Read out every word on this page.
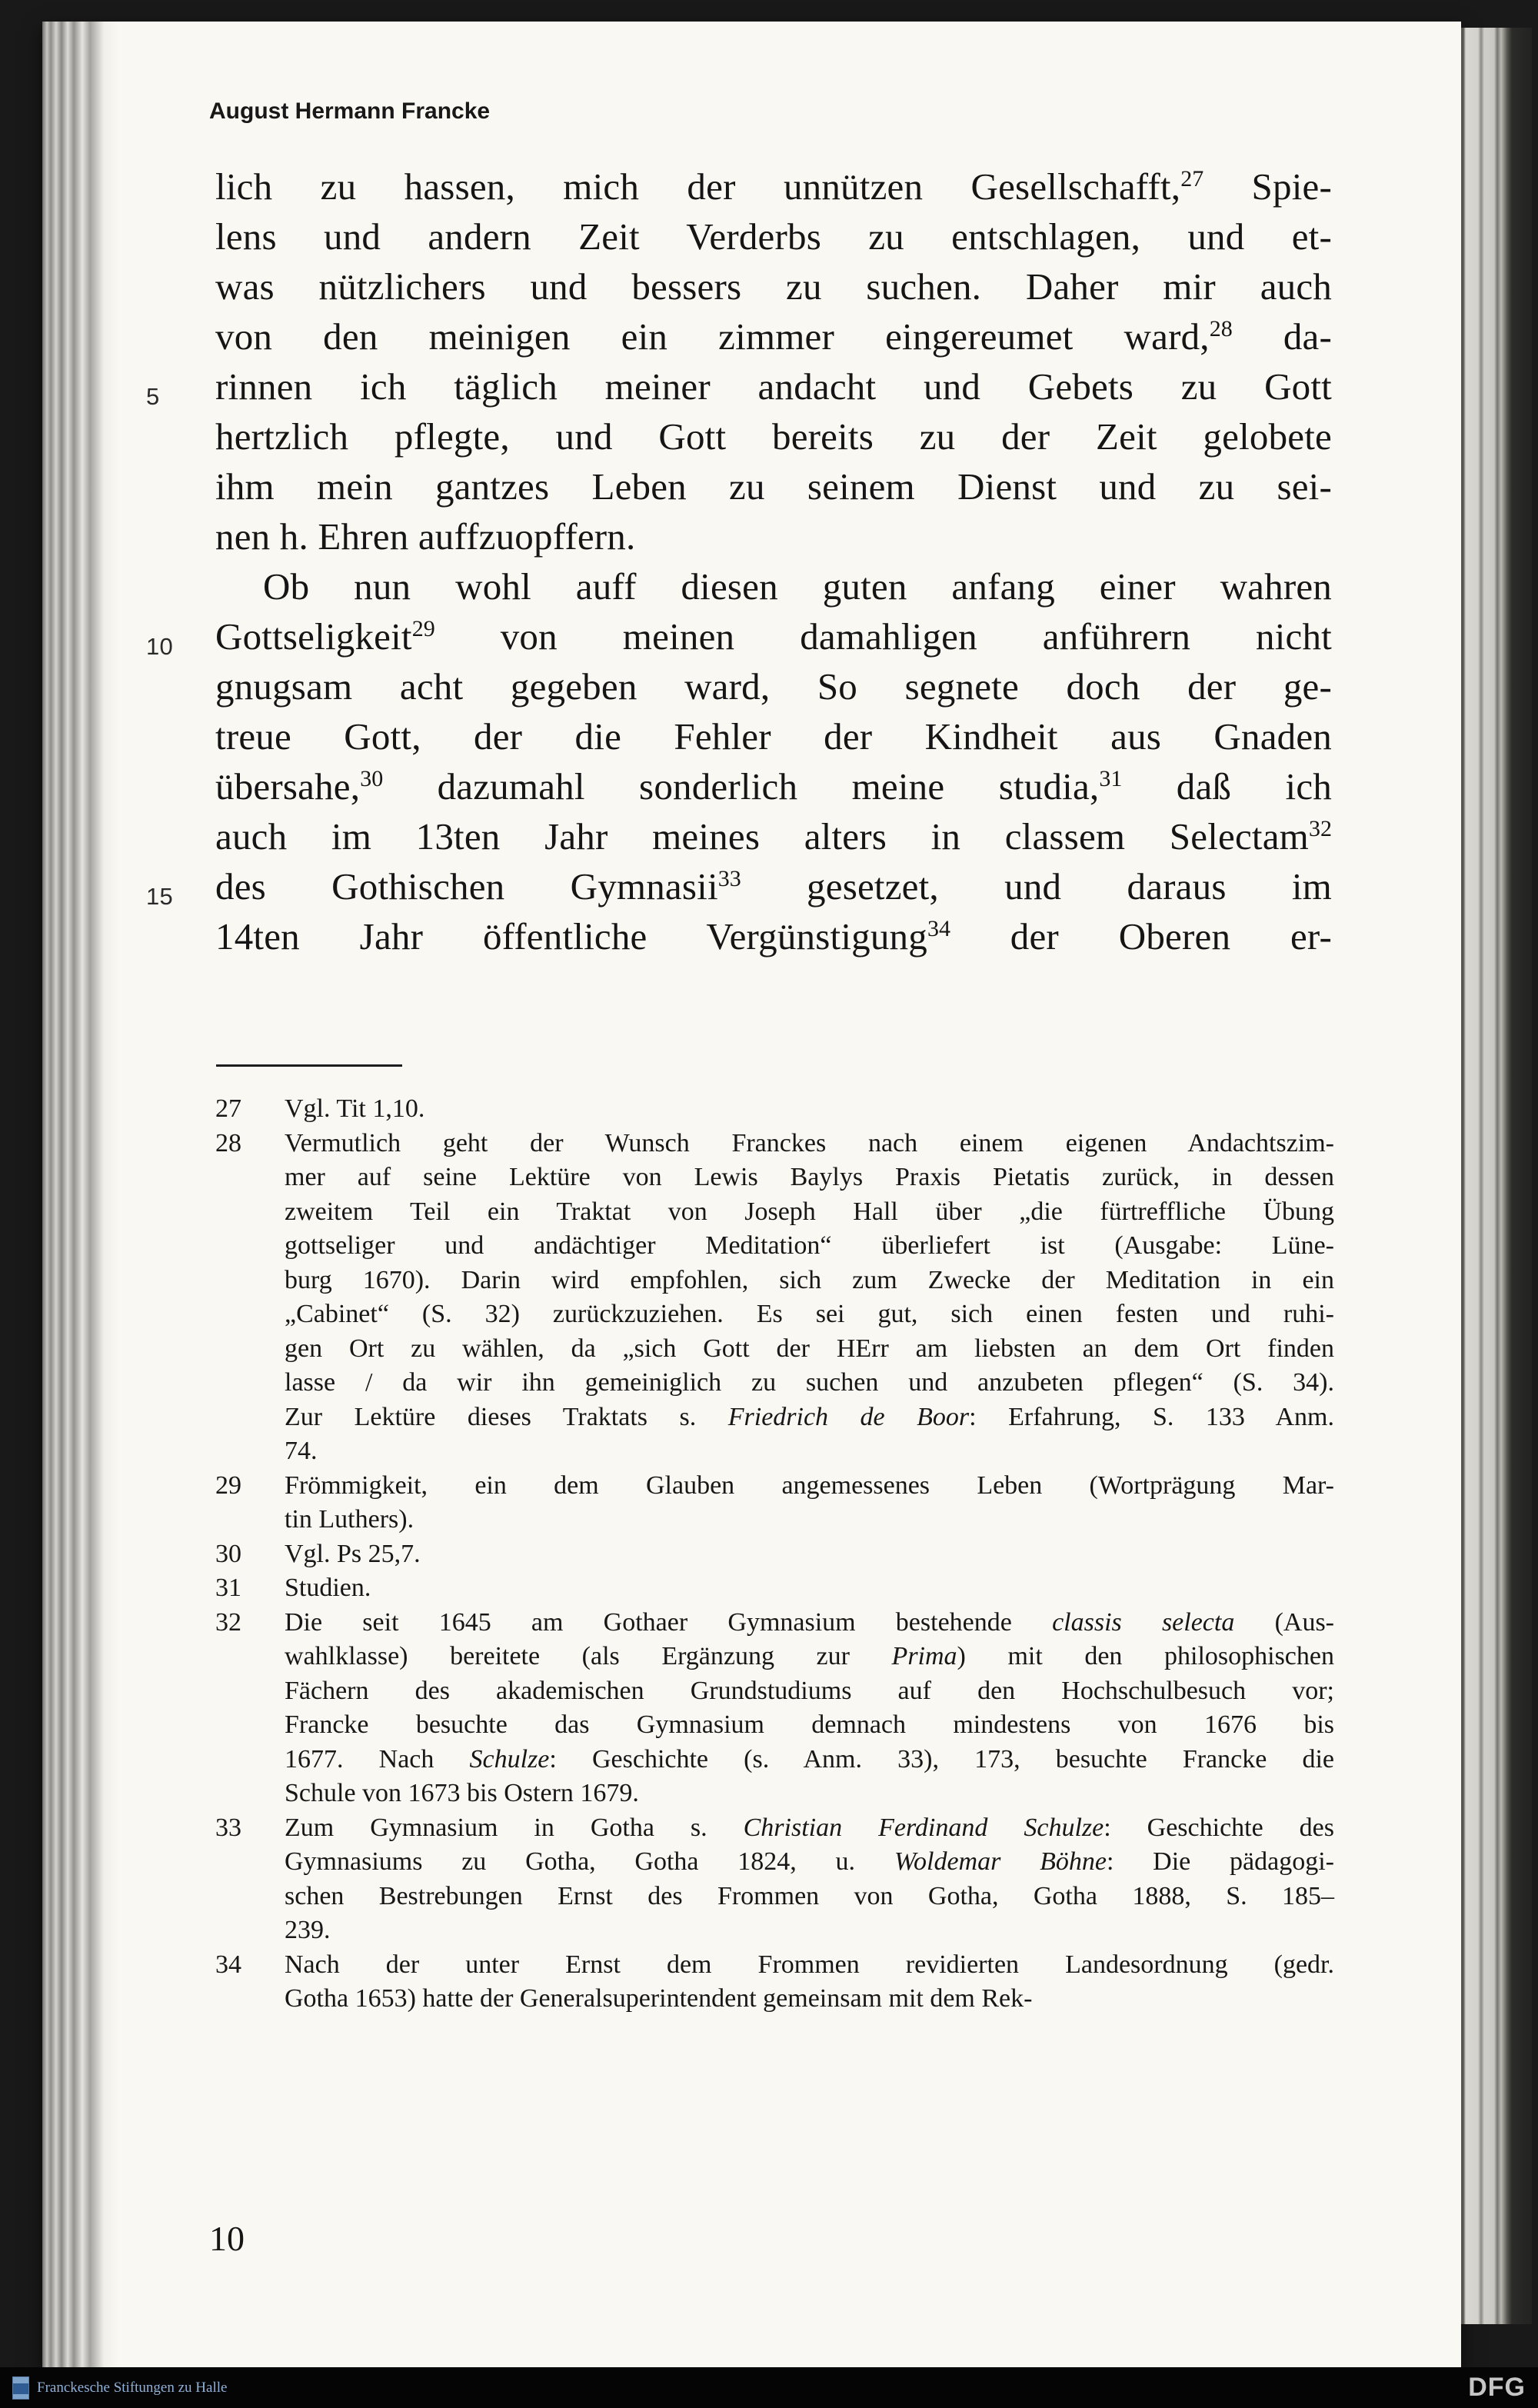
August Hermann Francke
lich zu hassen, mich der unnützen Gesellschafft,$^{27}$ Spie-
lens und andern Zeit Verderbs zu entschlagen, und et-
was nützlichers und bessers zu suchen. Daher mir auch
von den meinigen ein zimmer eingereumet ward,$^{28}$ da-
5 rinnen ich täglich meiner andacht und Gebets zu Gott
hertzlich pflegte, und Gott bereits zu der Zeit gelobete
ihm mein gantzes Leben zu seinem Dienst und zu sei-
nen h. Ehren auffzuopffern.
Ob nun wohl auff diesen guten anfang einer wahren
10 Gottseligkeit$^{29}$ von meinen damahligen anführern nicht
gnugsam acht gegeben ward, So segnete doch der ge-
treue Gott, der die Fehler der Kindheit aus Gnaden
übersahe,$^{30}$ dazumahl sonderlich meine studia,$^{31}$ daß ich
auch im 13ten Jahr meines alters in classem Selectam$^{32}$
15 des Gothischen Gymnasii$^{33}$ gesetzet, und daraus im
14ten Jahr öffentliche Vergünstigung$^{34}$ der Oberen er-
27	Vgl. Tit 1,10.
28	Vermutlich geht der Wunsch Franckes nach einem eigenen Andachtszim-
mer auf seine Lektüre von Lewis Baylys Praxis Pietatis zurück, in dessen
zweitem Teil ein Traktat von Joseph Hall über „die fürtreffliche Übung
gottseliger und andächtiger Meditation“ überliefert ist (Ausgabe: Lüne-
burg 1670). Darin wird empfohlen, sich zum Zwecke der Meditation in ein
„Cabinet“ (S. 32) zurückzuziehen. Es sei gut, sich einen festen und ruhi-
gen Ort zu wählen, da „sich Gott der HErr am liebsten an dem Ort finden
lasse / da wir ihn gemeiniglich zu suchen und anzubeten pflegen“ (S. 34).
Zur Lektüre dieses Traktats s. Friedrich de Boor: Erfahrung, S. 133 Anm.
74.
29	Frömmigkeit, ein dem Glauben angemessenes Leben (Wortprägung Mar-
tin Luthers).
30	Vgl. Ps 25,7.
31	Studien.
32	Die seit 1645 am Gothaer Gymnasium bestehende classis selecta (Aus-
wahlklasse) bereitete (als Ergänzung zur Prima) mit den philosophischen
Fächern des akademischen Grundstudiums auf den Hochschulbesuch vor;
Francke besuchte das Gymnasium demnach mindestens von 1676 bis
1677. Nach Schulze: Geschichte (s. Anm. 33), 173, besuchte Francke die
Schule von 1673 bis Ostern 1679.
33	Zum Gymnasium in Gotha s. Christian Ferdinand Schulze: Geschichte des
Gymnasiums zu Gotha, Gotha 1824, u. Woldemar Böhne: Die pädagogi-
schen Bestrebungen Ernst des Frommen von Gotha, Gotha 1888, S. 185–
239.
34	Nach der unter Ernst dem Frommen revidierten Landesordnung (gedr.
Gotha 1653) hatte der Generalsuperintendent gemeinsam mit dem Rek-
10
Franckesche Stiftungen zu Halle	DFG
